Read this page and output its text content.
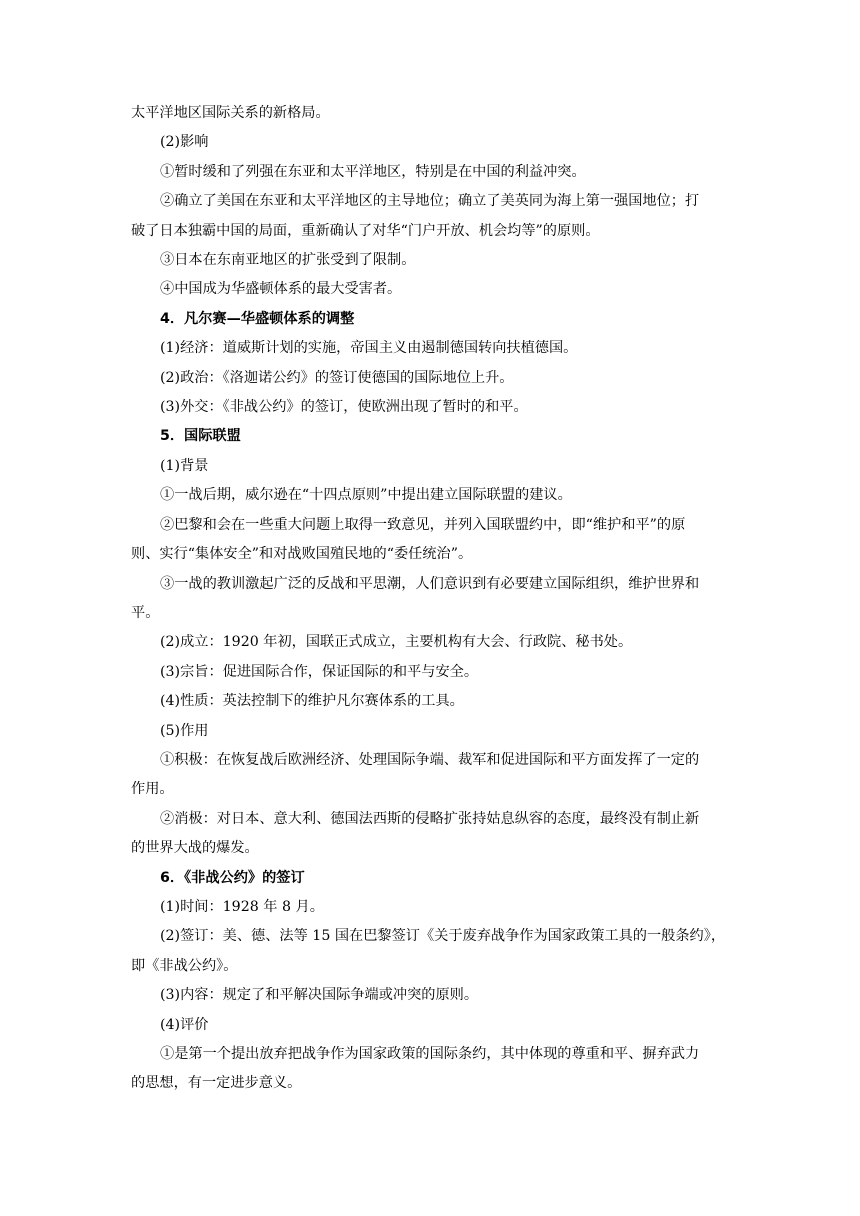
太平洋地区国际关系的新格局。
(2)影响
①暂时缓和了列强在东亚和太平洋地区，特别是在中国的利益冲突。
②确立了美国在东亚和太平洋地区的主导地位；确立了美英同为海上第一强国地位；打
破了日本独霸中国的局面，重新确认了对华“门户开放、机会均等”的原则。
③日本在东南亚地区的扩张受到了限制。
④中国成为华盛顿体系的最大受害者。
4．凡尔赛—华盛顿体系的调整
(1)经济：道威斯计划的实施，帝国主义由遏制德国转向扶植德国。
(2)政治：《洛迦诺公约》的签订使德国的国际地位上升。
(3)外交：《非战公约》的签订，使欧洲出现了暂时的和平。
5．国际联盟
(1)背景
①一战后期，威尔逊在“十四点原则”中提出建立国际联盟的建议。
②巴黎和会在一些重大问题上取得一致意见，并列入国联盟约中，即“维护和平”的原
则、实行“集体安全”和对战败国殖民地的“委任统治”。
③一战的教训激起广泛的反战和平思潮，人们意识到有必要建立国际组织，维护世界和
平。
(2)成立：1920 年初，国联正式成立，主要机构有大会、行政院、秘书处。
(3)宗旨：促进国际合作，保证国际的和平与安全。
(4)性质：英法控制下的维护凡尔赛体系的工具。
(5)作用
①积极：在恢复战后欧洲经济、处理国际争端、裁军和促进国际和平方面发挥了一定的
作用。
②消极：对日本、意大利、德国法西斯的侵略扩张持姑息纵容的态度，最终没有制止新
的世界大战的爆发。
6．《非战公约》的签订
(1)时间：1928 年 8 月。
(2)签订：美、德、法等 15 国在巴黎签订《关于废弃战争作为国家政策工具的一般条约》，
即《非战公约》。
(3)内容：规定了和平解决国际争端或冲突的原则。
(4)评价
①是第一个提出放弃把战争作为国家政策的国际条约，其中体现的尊重和平、摒弃武力
的思想，有一定进步意义。
